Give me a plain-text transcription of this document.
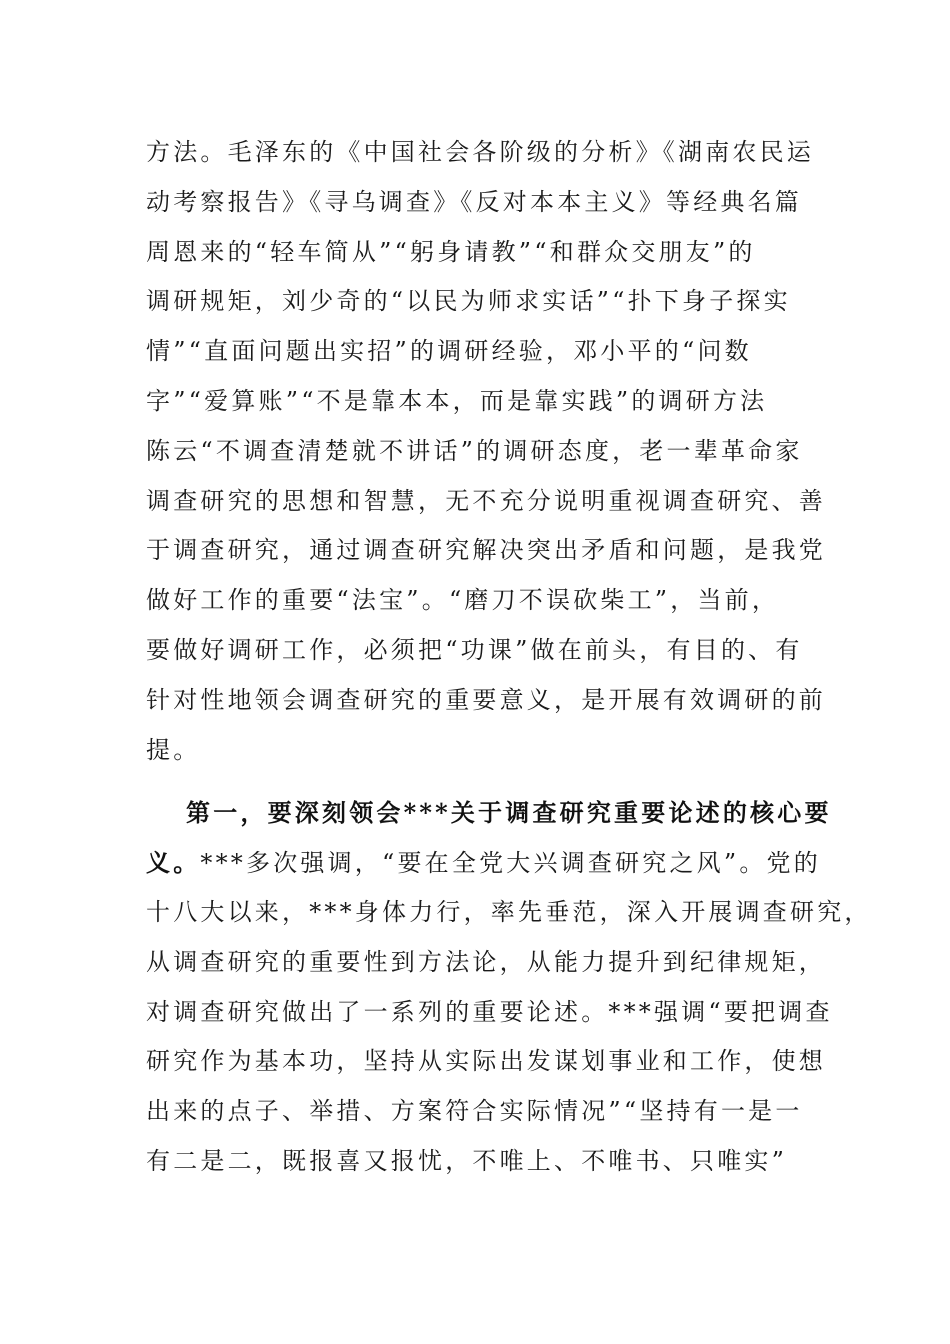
方法。毛泽东的《中国社会各阶级的分析》《湖南农民运
动考察报告》《寻乌调查》《反对本本主义》等经典名篇
周恩来的“轻车简从”“躬身请教”“和群众交朋友”的
调研规矩，刘少奇的“以民为师求实话”“扑下身子探实
情”“直面问题出实招”的调研经验，邓小平的“问数
字”“爱算账”“不是靠本本，而是靠实践”的调研方法
陈云“不调查清楚就不讲话”的调研态度，老一辈革命家
调查研究的思想和智慧，无不充分说明重视调查研究、善
于调查研究，通过调查研究解决突出矛盾和问题，是我党
做好工作的重要“法宝”。“磨刀不误砍柴工”，当前，
要做好调研工作，必须把“功课”做在前头，有目的、有
针对性地领会调查研究的重要意义，是开展有效调研的前
提。
第一，要深刻领会***关于调查研究重要论述的核心要
义。***多次强调，“要在全党大兴调查研究之风”。党的
十八大以来，***身体力行，率先垂范，深入开展调查研究，
从调查研究的重要性到方法论，从能力提升到纪律规矩，
对调查研究做出了一系列的重要论述。***强调“要把调查
研究作为基本功，坚持从实际出发谋划事业和工作，使想
出来的点子、举措、方案符合实际情况”“坚持有一是一
有二是二，既报喜又报忧，不唯上、不唯书、只唯实”
